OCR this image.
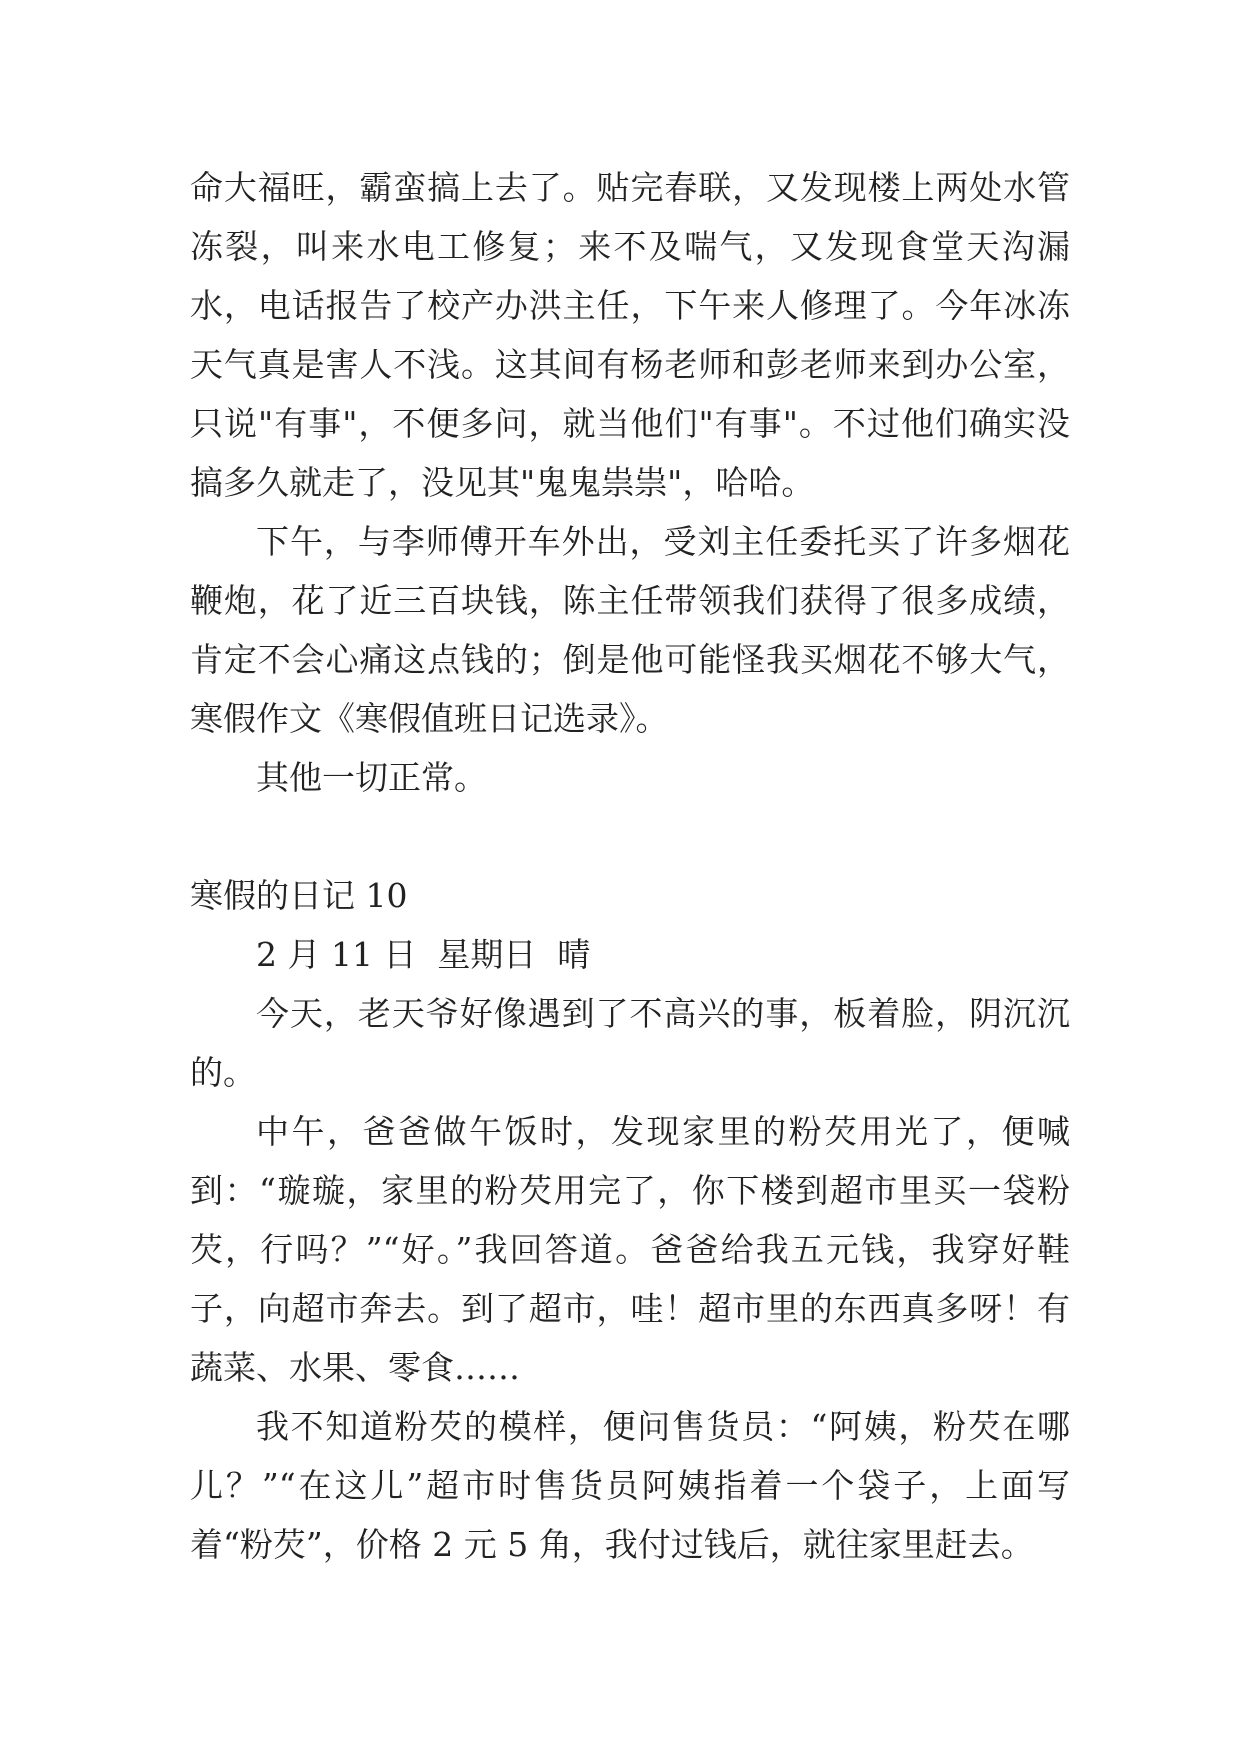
命大福旺，霸蛮搞上去了。贴完春联，又发现楼上两处水管冻裂，叫来水电工修复；来不及喘气，又发现食堂天沟漏水，电话报告了校产办洪主任，下午来人修理了。今年冰冻天气真是害人不浅。这其间有杨老师和彭老师来到办公室，只说"有事"，不便多问，就当他们"有事"。不过他们确实没搞多久就走了，没见其"鬼鬼祟祟"，哈哈。

下午，与李师傅开车外出，受刘主任委托买了许多烟花鞭炮，花了近三百块钱，陈主任带领我们获得了很多成绩，肯定不会心痛这点钱的；倒是他可能怪我买烟花不够大气，寒假作文《寒假值班日记选录》。

其他一切正常。

寒假的日记 10

2 月 11 日  星期日  晴

今天，老天爷好像遇到了不高兴的事，板着脸，阴沉沉的。

中午，爸爸做午饭时，发现家里的粉芡用光了，便喊到：“璇璇，家里的粉芡用完了，你下楼到超市里买一袋粉芡，行吗？”“好。”我回答道。爸爸给我五元钱，我穿好鞋子，向超市奔去。到了超市，哇！超市里的东西真多呀！有蔬菜、水果、零食……

我不知道粉芡的模样，便问售货员：“阿姨，粉芡在哪儿？”“在这儿”超市时售货员阿姨指着一个袋子，上面写着“粉芡”，价格 2 元 5 角，我付过钱后，就往家里赶去。
